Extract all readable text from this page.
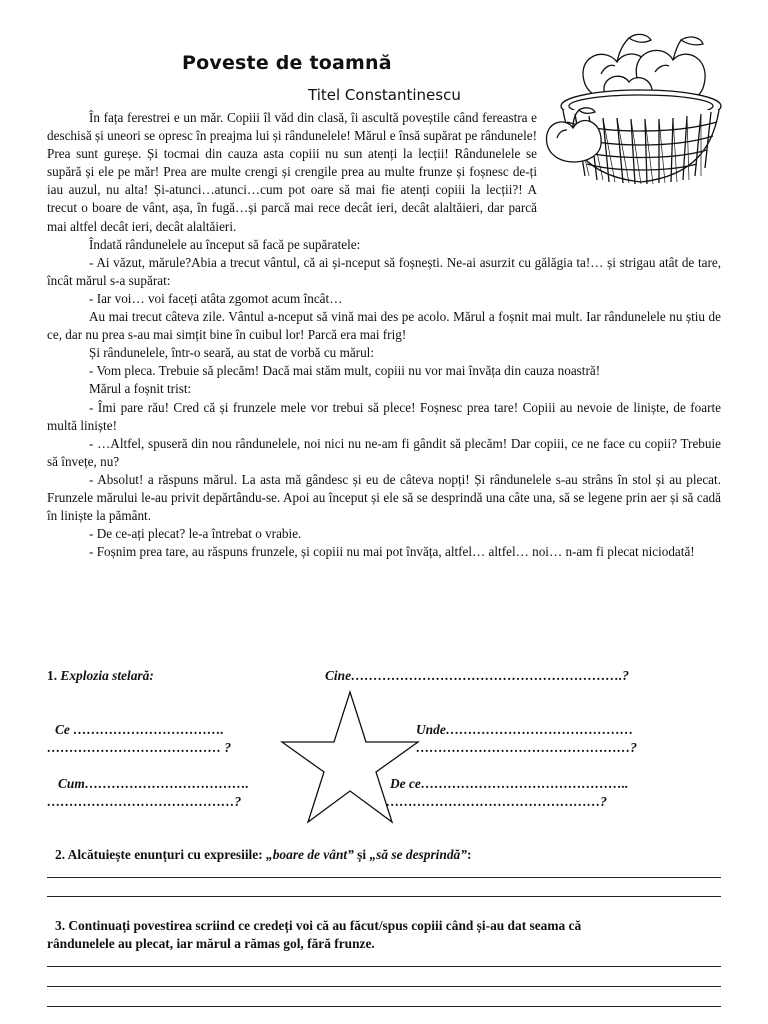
Poveste de toamnă
Titel Constantinescu

În fața ferestrei e un măr. Copiii îl văd din clasă, îi ascultă poveștile când fereastra e deschisă și uneori se opresc în preajma lui și rândunelele! Mărul e însă supărat pe rândunele! Prea sunt gureșe. Și tocmai din cauza asta copiii nu sun atenți la lecții! Rândunelele se supără și ele pe măr! Prea are multe crengi și crengile prea au multe frunze și foșnesc de-ți iau auzul, nu alta! Și-atunci…atunci…cum pot oare să mai fie atenți copiii la lecții?! A trecut o boare de vânt, așa, în fugă…și parcă mai rece decât ieri, decât alaltăieri, dar parcă mai altfel decât ieri, decât alaltăieri.

Îndată rândunelele au început să facă pe supăratele:

- Ai văzut, mărule?Abia a trecut vântul, că ai și-nceput să foșnești. Ne-ai asurzit cu gălăgia ta!… și strigau atât de tare, încât mărul s-a supărat:

- Iar voi… voi faceți atâta zgomot acum încât…

Au mai trecut câteva zile. Vântul a-nceput să vină mai des pe acolo. Mărul a foșnit mai mult. Iar rândunelele nu știu de ce, dar nu prea s-au mai simțit bine în cuibul lor! Parcă era mai frig!

Și rândunelele, într-o seară, au stat de vorbă cu mărul:

- Vom pleca. Trebuie să plecăm! Dacă mai stăm mult, copiii nu vor mai învăța din cauza noastră!

Mărul a foșnit trist:

- Îmi pare rău! Cred că și frunzele mele vor trebui să plece! Foșnesc prea tare! Copiii au nevoie de liniște, de foarte multă liniște!

- …Altfel, spuseră din nou rândunelele, noi nici nu ne-am fi gândit să plecăm! Dar copiii, ce ne face cu copii? Trebuie să învețe, nu?

- Absolut! a răspuns mărul. La asta mă gândesc și eu de câteva nopți! Și rândunelele s-au strâns în stol și au plecat. Frunzele mărului le-au privit depărtându-se. Apoi au început și ele să se desprindă una câte una, să se legene prin aer și să cadă în liniște la pământ.

- De ce-ați plecat? le-a întrebat o vrabie.

- Foșnim prea tare, au răspuns frunzele, și copiii nu mai pot învăța, altfel… altfel… noi… n-am fi plecat niciodată!

1. Explozia stelară:	Cine…………………………………………………….?
Ce …………………………….
………………………………… ?
Unde……………………………………
…………………………………………?
Cum……………………………….
……………………………………?
De ce………………………………………..
…………………………………………?
2. Alcătuiește enunțuri cu expresiile: „boare de vânt” și „să se desprindă”:
3. Continuați povestirea scriind ce credeți voi că au făcut/spus copiii când și-au dat seama că
rândunelele au plecat, iar mărul a rămas gol, fără frunze.
